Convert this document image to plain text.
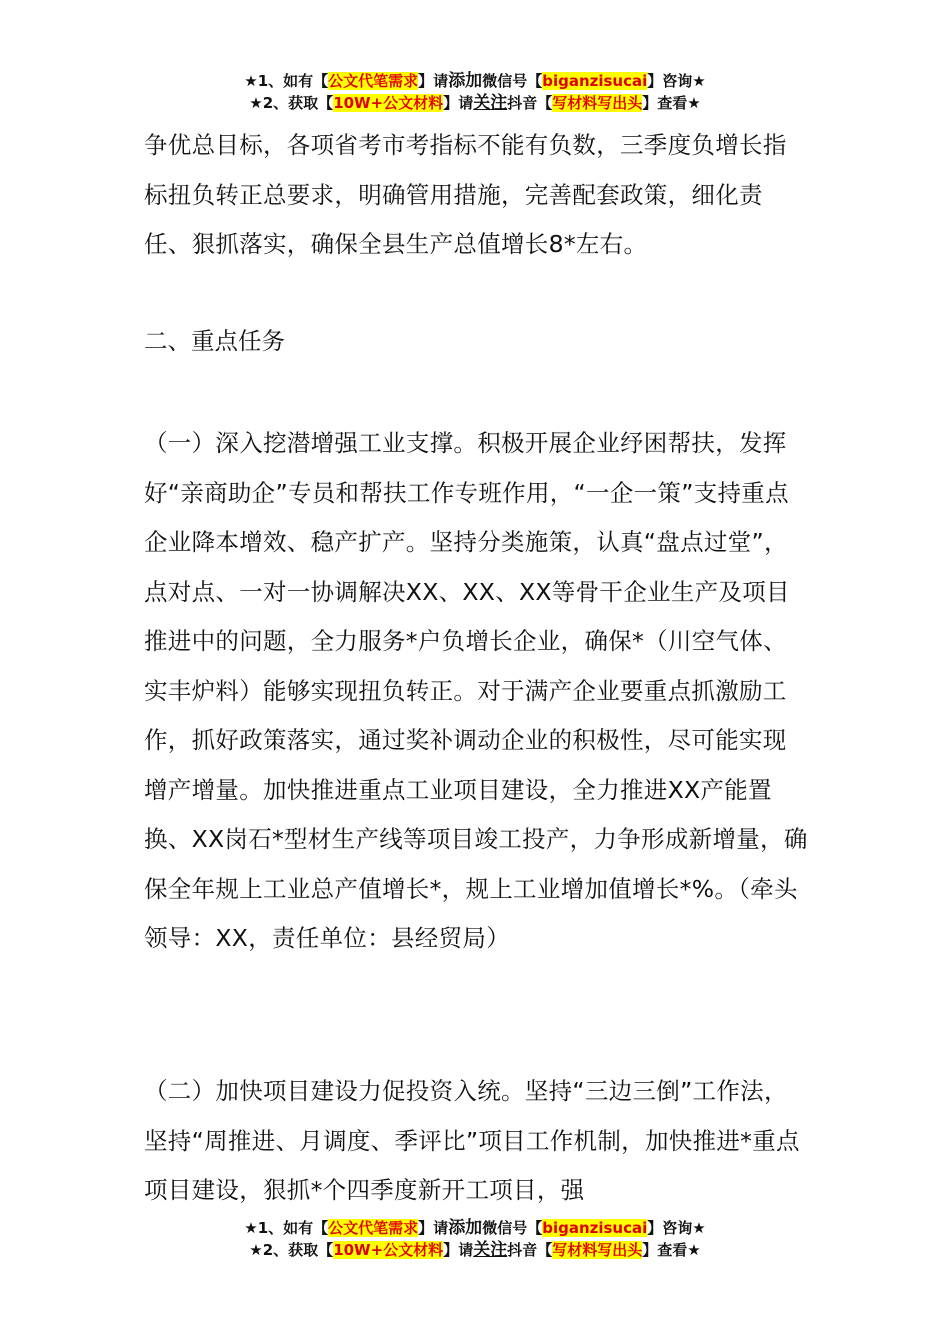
★1、如有【公文代笔需求】请添加微信号【biganzisucai】咨询★
★2、获取【10W+公文材料】请关注抖音【写材料写出头】查看★

争优总目标，各项省考市考指标不能有负数，三季度负增长指标扭负转正总要求，明确管用措施，完善配套政策，细化责任、狠抓落实，确保全县生产总值增长8*左右。

二、重点任务

（一）深入挖潜增强工业支撑。积极开展企业纾困帮扶，发挥好“亲商助企”专员和帮扶工作专班作用，“一企一策”支持重点企业降本增效、稳产扩产。坚持分类施策，认真“盘点过堂”，点对点、一对一协调解决XX、XX、XX等骨干企业生产及项目推进中的问题，全力服务*户负增长企业，确保*（川空气体、实丰炉料）能够实现扭负转正。对于满产企业要重点抓激励工作，抓好政策落实，通过奖补调动企业的积极性，尽可能实现增产增量。加快推进重点工业项目建设，全力推进XX产能置换、XX岗石*型材生产线等项目竣工投产，力争形成新增量，确保全年规上工业总产值增长*，规上工业增加值增长*%。（牵头领导：XX，责任单位：县经贸局）

（二）加快项目建设力促投资入统。坚持“三边三倒”工作法，坚持“周推进、月调度、季评比”项目工作机制，加快推进*重点项目建设，狠抓*个四季度新开工项目，强

★1、如有【公文代笔需求】请添加微信号【biganzisucai】咨询★
★2、获取【10W+公文材料】请关注抖音【写材料写出头】查看★
